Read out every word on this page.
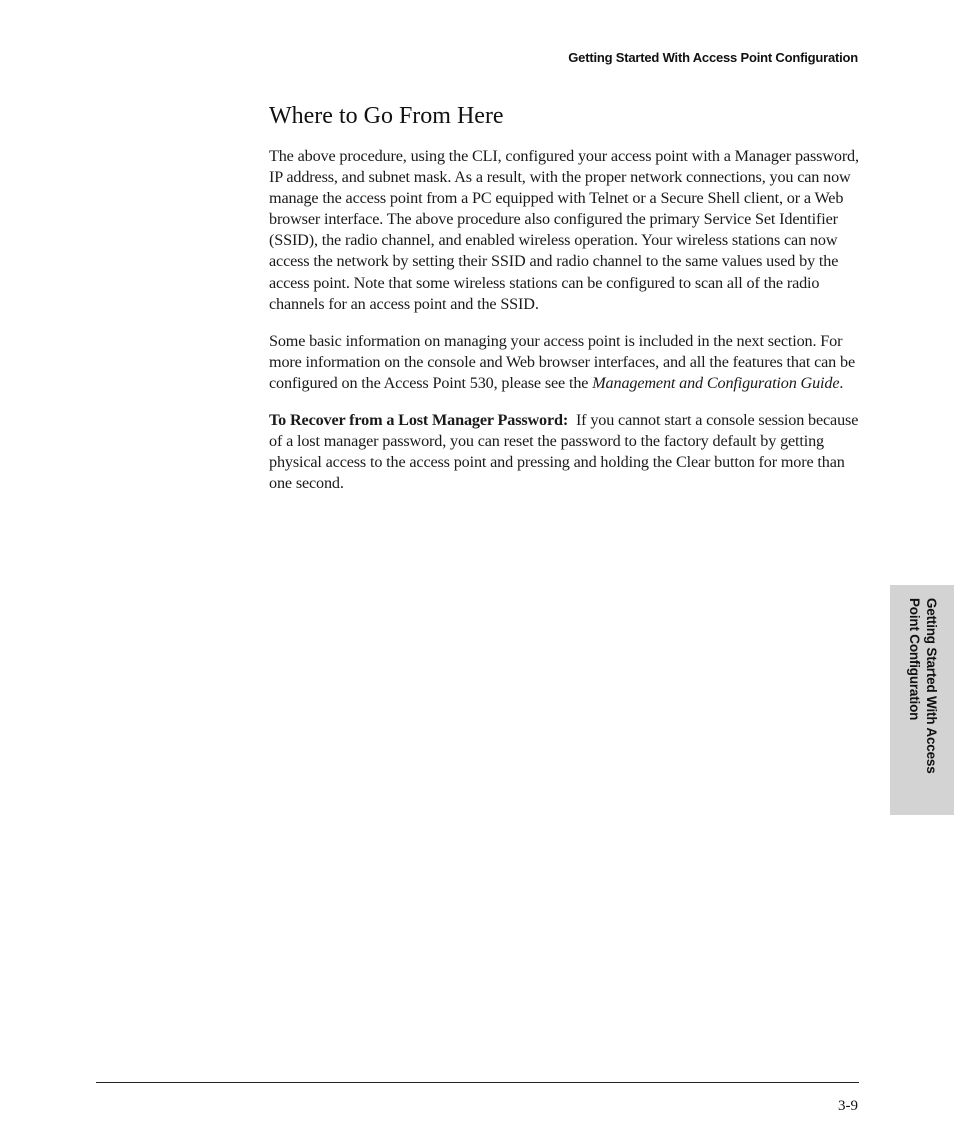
Getting Started With Access Point Configuration
Where to Go From Here

The above procedure, using the CLI, configured your access point with a Manager password, IP address, and subnet mask. As a result, with the proper network connections, you can now manage the access point from a PC equipped with Telnet or a Secure Shell client, or a Web browser interface. The above procedure also configured the primary Service Set Identifier (SSID), the radio channel, and enabled wireless operation. Your wireless stations can now access the network by setting their SSID and radio channel to the same values used by the access point. Note that some wireless stations can be configured to scan all of the radio channels for an access point and the SSID.

Some basic information on managing your access point is included in the next section. For more information on the console and Web browser interfaces, and all the features that can be configured on the Access Point 530, please see the Management and Configuration Guide.

To Recover from a Lost Manager Password: If you cannot start a console session because of a lost manager password, you can reset the password to the factory default by getting physical access to the access point and pressing and holding the Clear button for more than one second.

Getting Started With Access
Point Configuration
3-9
